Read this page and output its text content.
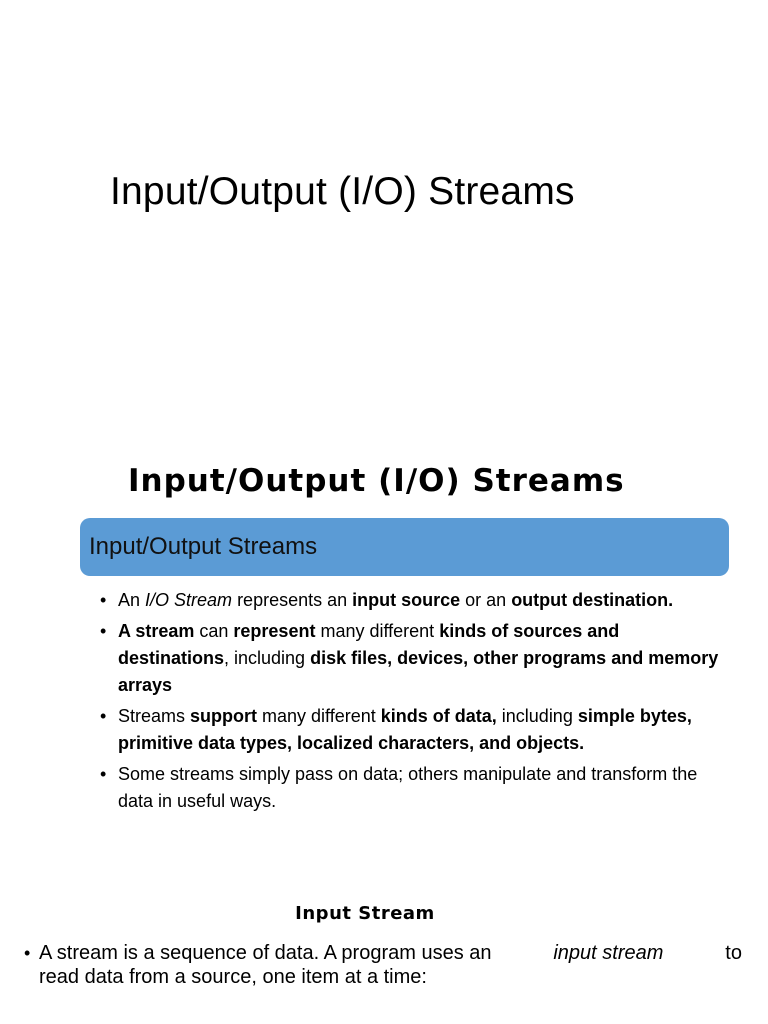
Input/Output (I/O) Streams
Input/Output (I/O) Streams
Input/Output Streams
• An I/O Stream represents an input source or an output destination.
• A stream can represent many different kinds of sources and destinations, including disk files, devices, other programs and memory arrays
• Streams support many different kinds of data, including simple bytes, primitive data types, localized characters, and objects.
• Some streams simply pass on data; others manipulate and transform the data in useful ways.
Input Stream
• A stream is a sequence of data. A program uses an	input stream	to
read data from a source, one item at a time:
